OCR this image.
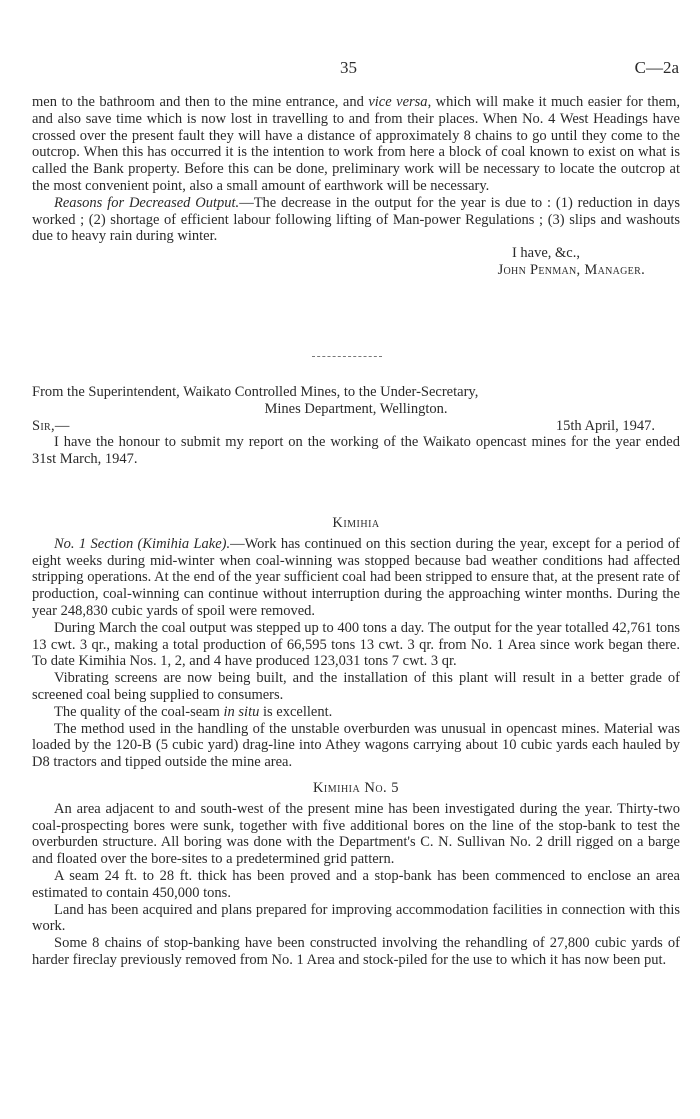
35	C—2a

men to the bathroom and then to the mine entrance, and vice versa, which will make it much easier for them, and also save time which is now lost in travelling to and from their places. When No. 4 West Headings have crossed over the present fault they will have a distance of approximately 8 chains to go until they come to the outcrop. When this has occurred it is the intention to work from here a block of coal known to exist on what is called the Bank property. Before this can be done, preliminary work will be necessary to locate the outcrop at the most convenient point, also a small amount of earthwork will be necessary.

Reasons for Decreased Output.—The decrease in the output for the year is due to : (1) reduction in days worked ; (2) shortage of efficient labour following lifting of Man-power Regulations ; (3) slips and washouts due to heavy rain during winter.

I have, &c.,

John Penman, Manager.

From the Superintendent, Waikato Controlled Mines, to the Under-Secretary,

Mines Department, Wellington.

Sir,—	15th April, 1947.

I have the honour to submit my report on the working of the Waikato opencast mines for the year ended 31st March, 1947.

Kimihia

No. 1 Section (Kimihia Lake).—Work has continued on this section during the year, except for a period of eight weeks during mid-winter when coal-winning was stopped because bad weather conditions had affected stripping operations. At the end of the year sufficient coal had been stripped to ensure that, at the present rate of production, coal-winning can continue without interruption during the approaching winter months. During the year 248,830 cubic yards of spoil were removed.

During March the coal output was stepped up to 400 tons a day. The output for the year totalled 42,761 tons 13 cwt. 3 qr., making a total production of 66,595 tons 13 cwt. 3 qr. from No. 1 Area since work began there. To date Kimihia Nos. 1, 2, and 4 have produced 123,031 tons 7 cwt. 3 qr.

Vibrating screens are now being built, and the installation of this plant will result in a better grade of screened coal being supplied to consumers.

The quality of the coal-seam in situ is excellent.

The method used in the handling of the unstable overburden was unusual in opencast mines. Material was loaded by the 120-B (5 cubic yard) drag-line into Athey wagons carrying about 10 cubic yards each hauled by D8 tractors and tipped outside the mine area.

Kimihia No. 5

An area adjacent to and south-west of the present mine has been investigated during the year. Thirty-two coal-prospecting bores were sunk, together with five additional bores on the line of the stop-bank to test the overburden structure. All boring was done with the Department's C. N. Sullivan No. 2 drill rigged on a barge and floated over the bore-sites to a predetermined grid pattern.

A seam 24 ft. to 28 ft. thick has been proved and a stop-bank has been commenced to enclose an area estimated to contain 450,000 tons.

Land has been acquired and plans prepared for improving accommodation facilities in connection with this work.

Some 8 chains of stop-banking have been constructed involving the rehandling of 27,800 cubic yards of harder fireclay previously removed from No. 1 Area and stock-piled for the use to which it has now been put.
